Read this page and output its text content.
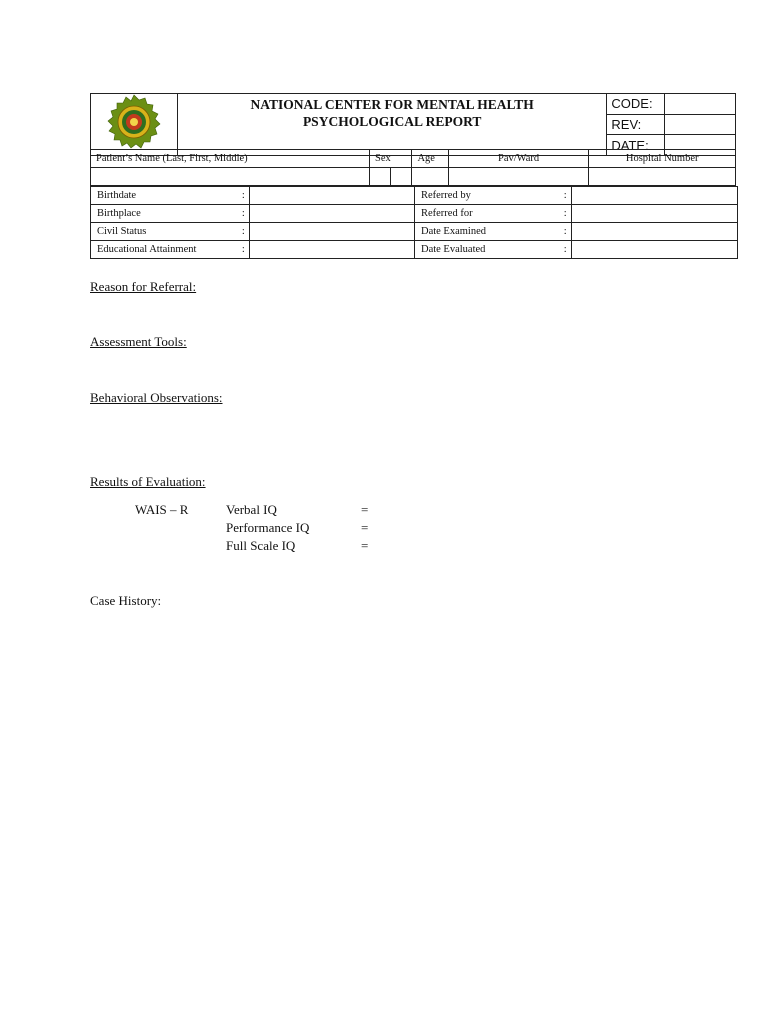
NATIONAL CENTER FOR MENTAL HEALTH
PSYCHOLOGICAL REPORT	CODE:	
		REV:	
		DATE:	
Patient’s Name (Last, First, Middle)	Sex		Age	Pav/Ward	Hospital Number

Birthdate	:		Referred by	:	
Birthplace	:		Referred for	:	
Civil Status	:		Date Examined	:	
Educational Attainment	:		Date Evaluated	:	
Reason for Referral:
Assessment Tools:
Behavioral Observations:
Results of Evaluation:
WAIS – R	Verbal IQ	=
Performance IQ	=
Full Scale IQ	=
Case History:
